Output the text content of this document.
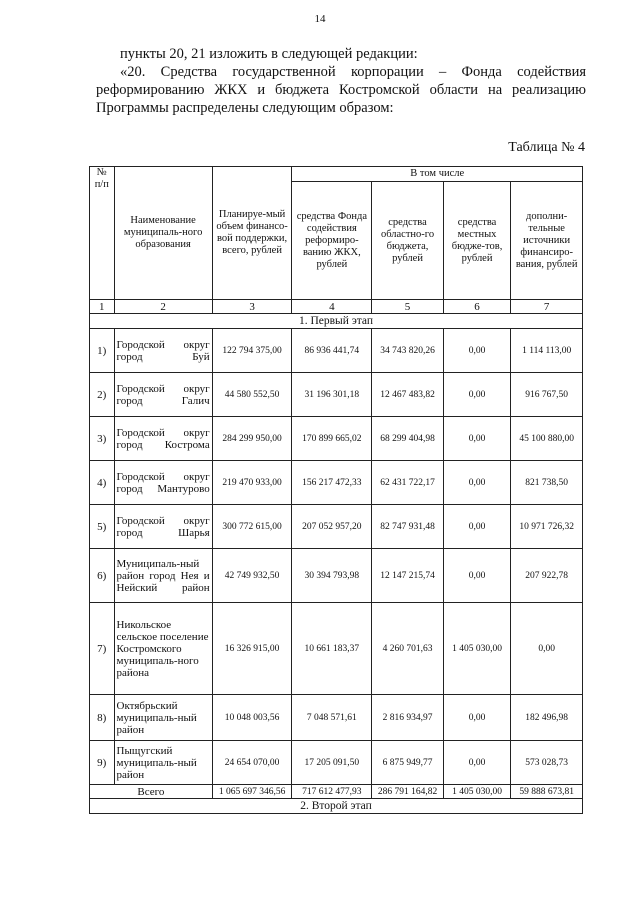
14

пункты 20, 21 изложить в следующей редакции:

«20. Средства государственной корпорации – Фонда содействия реформированию ЖКХ и бюджета Костромской области на реализацию Программы распределены следующим образом:

Таблица № 4
№ п/п	Наименование муниципаль-ного образования	Планируе-мый объем финансо-вой поддержки, всего, рублей	В том числе			
			средства Фонда содействия реформиро-ванию ЖКХ, рублей	средства областно-го бюджета, рублей	средства местных бюдже-тов, рублей	дополни-тельные источники финансиро-вания, рублей
1	2	3	4	5	6	7
1. Первый этап						
1)	Городской округ город Буй	122 794 375,00	86 936 441,74	34 743 820,26	0,00	1 114 113,00
2)	Городской округ город Галич	44 580 552,50	31 196 301,18	12 467 483,82	0,00	916 767,50
3)	Городской округ город Кострома	284 299 950,00	170 899 665,02	68 299 404,98	0,00	45 100 880,00
4)	Городской округ город Мантурово	219 470 933,00	156 217 472,33	62 431 722,17	0,00	821 738,50
5)	Городской округ город Шарья	300 772 615,00	207 052 957,20	82 747 931,48	0,00	10 971 726,32
6)	Муниципаль-ный район город Нея и Нейский район	42 749 932,50	30 394 793,98	12 147 215,74	0,00	207 922,78
7)	Никольское сельское поселение Костромского муниципаль-ного района	16 326 915,00	10 661 183,37	4 260 701,63	1 405 030,00	0,00
8)	Октябрьский муниципаль-ный район	10 048 003,56	7 048 571,61	2 816 934,97	0,00	182 496,98
9)	Пыщугский муниципаль-ный район	24 654 070,00	17 205 091,50	6 875 949,77	0,00	573 028,73
Всего		1 065 697 346,56	717 612 477,93	286 791 164,82	1 405 030,00	59 888 673,81
2. Второй этап						
